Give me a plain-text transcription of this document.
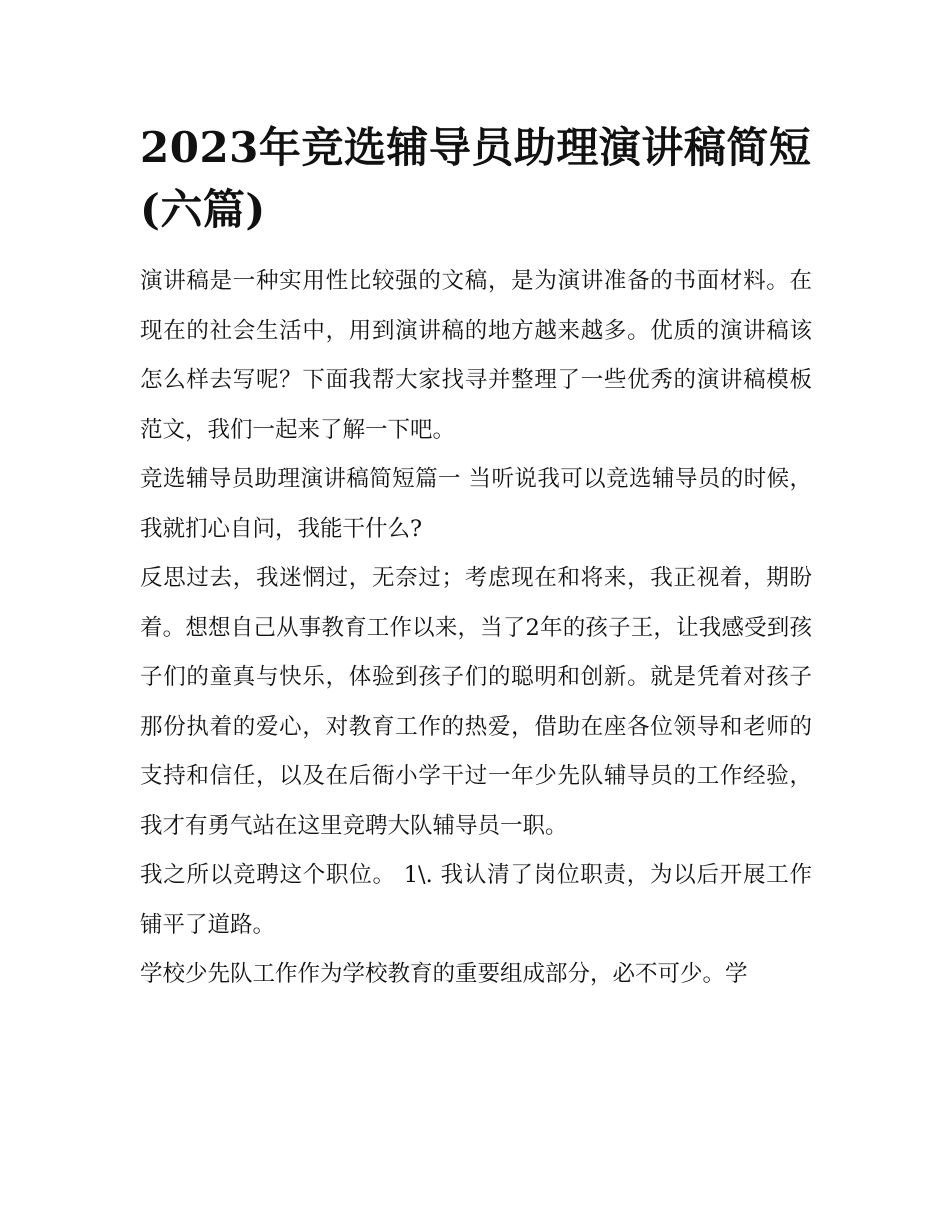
2023年竞选辅导员助理演讲稿简短(六篇)

演讲稿是一种实用性比较强的文稿，是为演讲准备的书面材料。在现在的社会生活中，用到演讲稿的地方越来越多。优质的演讲稿该怎么样去写呢？下面我帮大家找寻并整理了一些优秀的演讲稿模板范文，我们一起来了解一下吧。

竞选辅导员助理演讲稿简短篇一 当听说我可以竞选辅导员的时候，我就扪心自问，我能干什么?

反思过去，我迷惘过，无奈过；考虑现在和将来，我正视着，期盼着。想想自己从事教育工作以来，当了2年的孩子王，让我感受到孩子们的童真与快乐，体验到孩子们的聪明和创新。就是凭着对孩子那份执着的爱心，对教育工作的热爱，借助在座各位领导和老师的支持和信任，以及在后衙小学干过一年少先队辅导员的工作经验，我才有勇气站在这里竞聘大队辅导员一职。

我之所以竞聘这个职位。 1\. 我认清了岗位职责，为以后开展工作铺平了道路。

学校少先队工作作为学校教育的重要组成部分，必不可少。学
